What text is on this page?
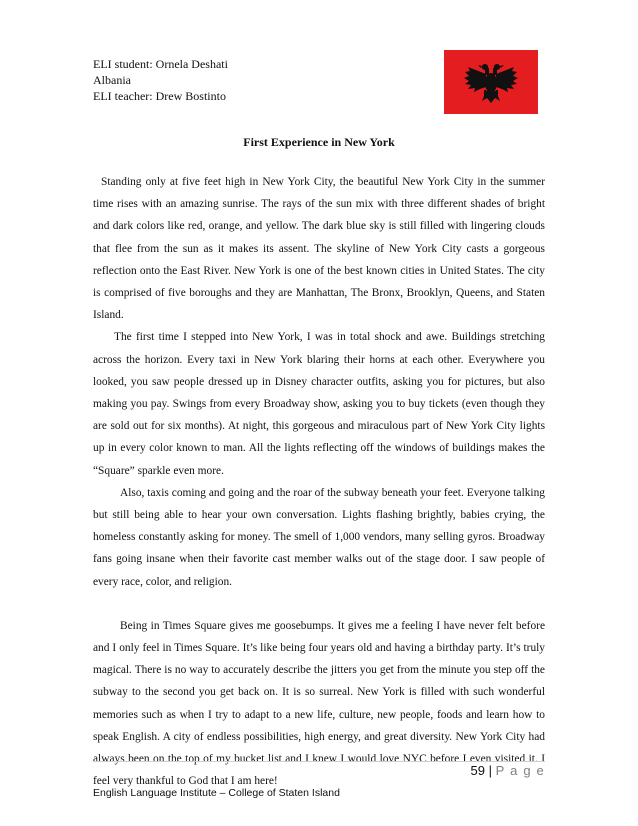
ELI student: Ornela Deshati
Albania
ELI teacher: Drew Bostinto
First Experience in New York

Standing only at five feet high in New York City, the beautiful New York City in the summer time rises with an amazing sunrise. The rays of the sun mix with three different shades of bright and dark colors like red, orange, and yellow. The dark blue sky is still filled with lingering clouds that flee from the sun as it makes its assent. The skyline of New York City casts a gorgeous reflection onto the East River. New York is one of the best known cities in United States. The city is comprised of five boroughs and they are Manhattan, The Bronx, Brooklyn, Queens, and Staten Island.

The first time I stepped into New York, I was in total shock and awe. Buildings stretching across the horizon. Every taxi in New York blaring their horns at each other. Everywhere you looked, you saw people dressed up in Disney character outfits, asking you for pictures, but also making you pay. Swings from every Broadway show, asking you to buy tickets (even though they are sold out for six months). At night, this gorgeous and miraculous part of New York City lights up in every color known to man. All the lights reflecting off the windows of buildings makes the “Square” sparkle even more.

Also, taxis coming and going and the roar of the subway beneath your feet. Everyone talking but still being able to hear your own conversation. Lights flashing brightly, babies crying, the homeless constantly asking for money. The smell of 1,000 vendors, many selling gyros. Broadway fans going insane when their favorite cast member walks out of the stage door. I saw people of every race, color, and religion.

Being in Times Square gives me goosebumps. It gives me a feeling I have never felt before and I only feel in Times Square. It’s like being four years old and having a birthday party. It’s truly magical. There is no way to accurately describe the jitters you get from the minute you step off the subway to the second you get back on. It is so surreal. New York is filled with such wonderful memories such as when I try to adapt to a new life, culture, new people, foods and learn how to speak English. A city of endless possibilities, high energy, and great diversity. New York City had always been on the top of my bucket list and I knew I would love NYC before I even visited it. I feel very thankful to God that I am here!

59 | P a g e
English Language Institute – College of Staten Island
